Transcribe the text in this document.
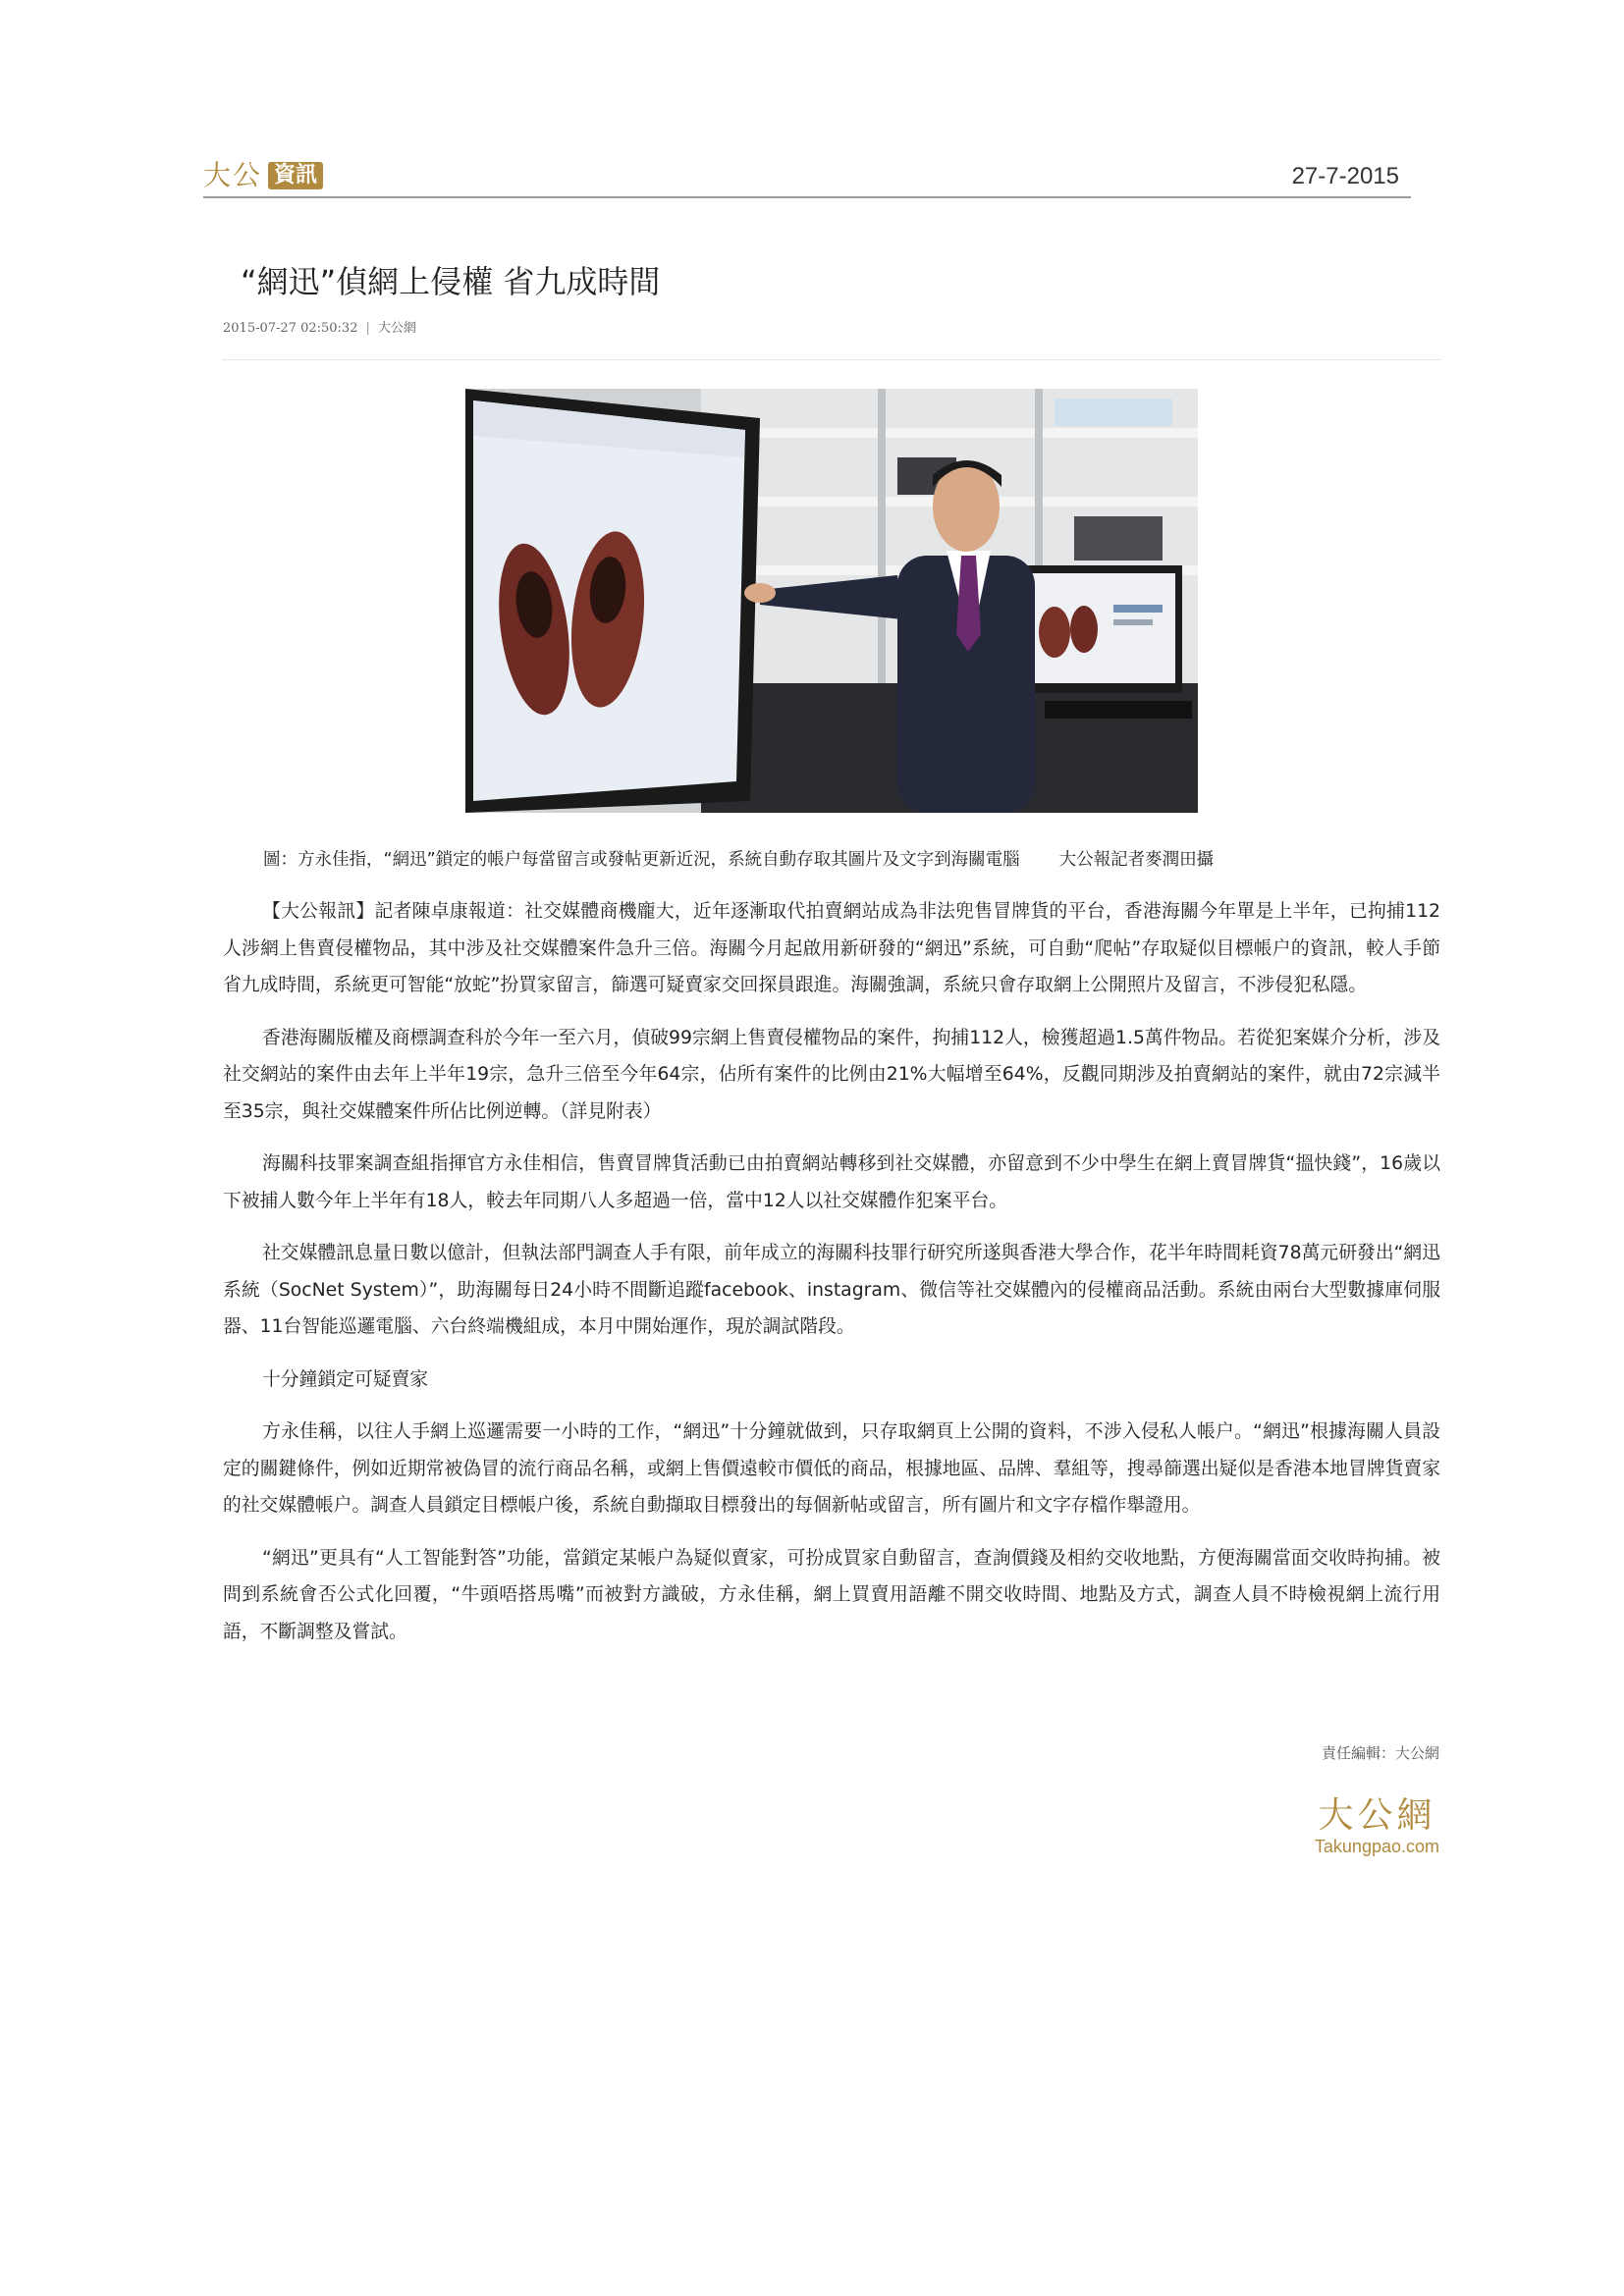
大公 資訊	27-7-2015
“網迅”偵網上侵權 省九成時間
2015-07-27 02:50:32 | 大公網
圖：方永佳指，“網迅”鎖定的帳户每當留言或發帖更新近況，系統自動存取其圖片及文字到海關電腦 大公報記者麥潤田攝

【大公報訊】記者陳卓康報道：社交媒體商機龐大，近年逐漸取代拍賣網站成為非法兜售冒牌貨的平台，香港海關今年單是上半年，已拘捕112人涉網上售賣侵權物品，其中涉及社交媒體案件急升三倍。海關今月起啟用新研發的“網迅”系統，可自動“爬帖”存取疑似目標帳户的資訊，較人手節省九成時間，系統更可智能“放蛇”扮買家留言，篩選可疑賣家交回探員跟進。海關強調，系統只會存取網上公開照片及留言，不涉侵犯私隱。

香港海關版權及商標調查科於今年一至六月，偵破99宗網上售賣侵權物品的案件，拘捕112人，檢獲超過1.5萬件物品。若從犯案媒介分析，涉及社交網站的案件由去年上半年19宗，急升三倍至今年64宗，佔所有案件的比例由21%大幅增至64%，反觀同期涉及拍賣網站的案件，就由72宗減半至35宗，與社交媒體案件所佔比例逆轉。（詳見附表）

海關科技罪案調查組指揮官方永佳相信，售賣冒牌貨活動已由拍賣網站轉移到社交媒體，亦留意到不少中學生在網上賣冒牌貨“搵快錢”，16歲以下被捕人數今年上半年有18人，較去年同期八人多超過一倍，當中12人以社交媒體作犯案平台。

社交媒體訊息量日數以億計，但執法部門調查人手有限，前年成立的海關科技罪行研究所遂與香港大學合作，花半年時間耗資78萬元研發出“網迅系統（SocNet System）”，助海關每日24小時不間斷追蹤facebook、instagram、微信等社交媒體內的侵權商品活動。系統由兩台大型數據庫伺服器、11台智能巡邏電腦、六台終端機組成，本月中開始運作，現於調試階段。

十分鐘鎖定可疑賣家

方永佳稱，以往人手網上巡邏需要一小時的工作，“網迅”十分鐘就做到，只存取網頁上公開的資料，不涉入侵私人帳户。“網迅”根據海關人員設定的關鍵條件，例如近期常被偽冒的流行商品名稱，或網上售價遠較市價低的商品，根據地區、品牌、羣組等，搜尋篩選出疑似是香港本地冒牌貨賣家的社交媒體帳户。調查人員鎖定目標帳户後，系統自動擷取目標發出的每個新帖或留言，所有圖片和文字存檔作舉證用。

“網迅”更具有“人工智能對答”功能，當鎖定某帳户為疑似賣家，可扮成買家自動留言，查詢價錢及相約交收地點，方便海關當面交收時拘捕。被問到系統會否公式化回覆，“牛頭唔搭馬嘴”而被對方識破，方永佳稱，網上買賣用語離不開交收時間、地點及方式，調查人員不時檢視網上流行用語，不斷調整及嘗試。

責任編輯：大公網
大公網
Takungpao.com
